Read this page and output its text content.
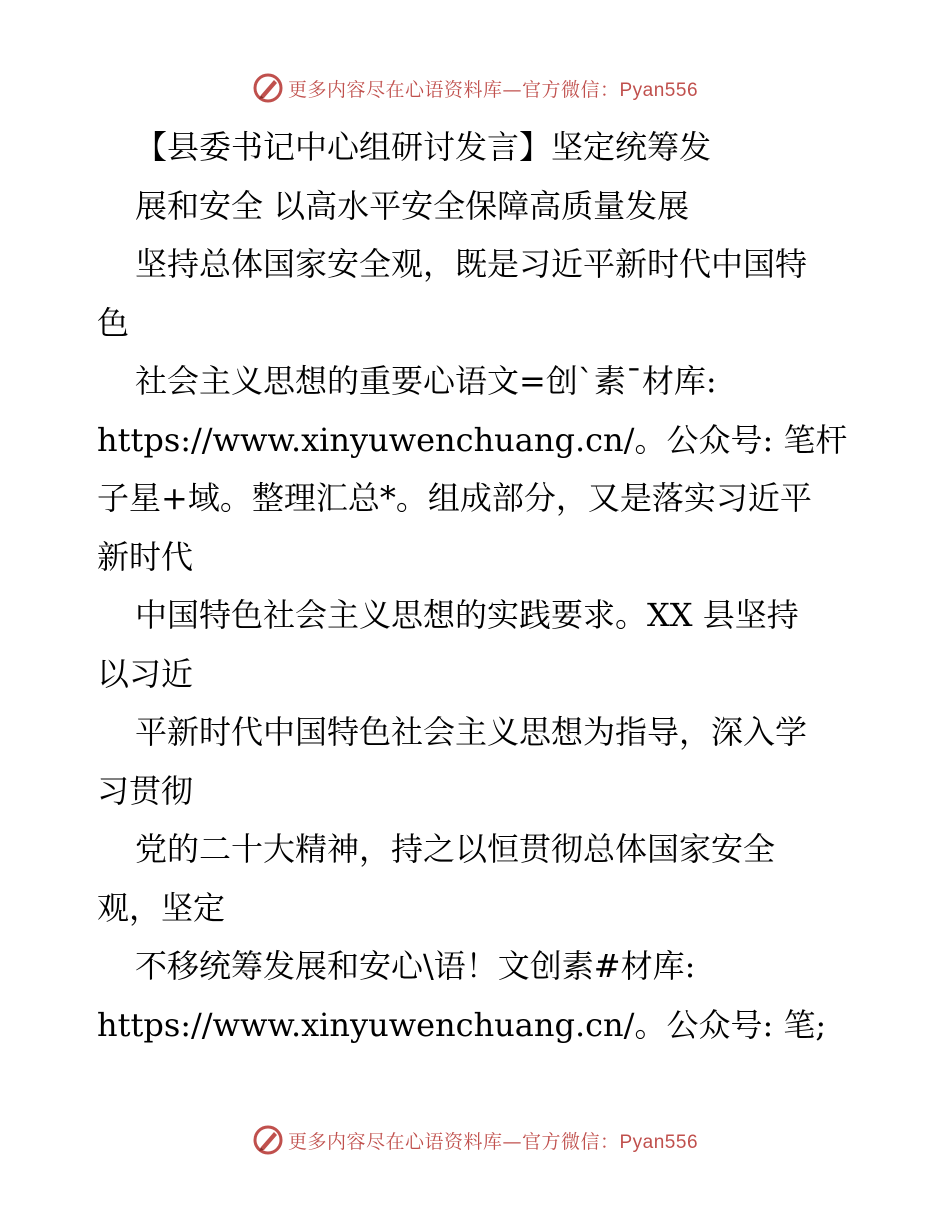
更多内容尽在心语资料库—官方微信：Pyan556
【县委书记中心组研讨发言】坚定统筹发
展和安全 以高水平安全保障高质量发展
坚持总体国家安全观，既是习近平新时代中国特
色
社会主义思想的重要心语文=创`素¯材库:
https://www.xinyuwenchuang.cn/。公众号: 笔杆
子星+域。整理汇总*。组成部分，又是落实习近平
新时代
中国特色社会主义思想的实践要求。XX 县坚持
以习近
平新时代中国特色社会主义思想为指导，深入学
习贯彻
党的二十大精神，持之以恒贯彻总体国家安全
观，坚定
不移统筹发展和安心\语！文创素#材库:
https://www.xinyuwenchuang.cn/。公众号: 笔;
更多内容尽在心语资料库—官方微信：Pyan556
